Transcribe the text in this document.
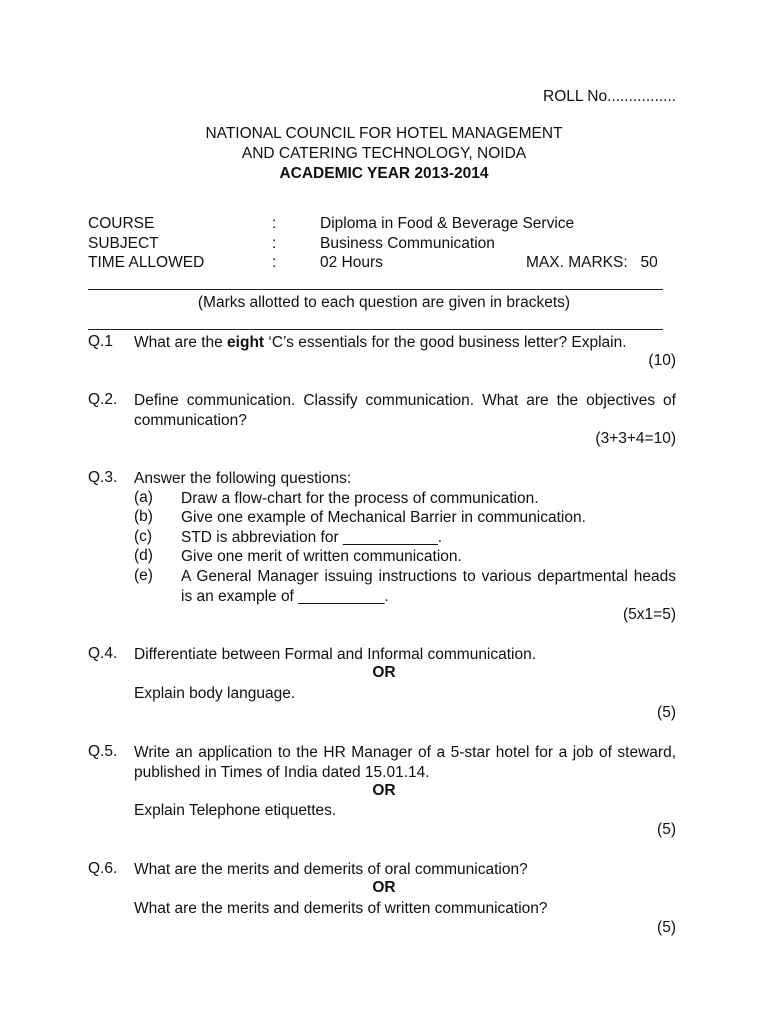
ROLL No................
NATIONAL COUNCIL FOR HOTEL MANAGEMENT
AND CATERING TECHNOLOGY, NOIDA
ACADEMIC YEAR 2013-2014
COURSE	:	Diploma in Food & Beverage Service
SUBJECT	:	Business Communication
TIME ALLOWED	:	02 Hours	MAX. MARKS:   50
(Marks allotted to each question are given in brackets)
Q.1 What are the eight ‘C’s essentials for the good business letter? Explain.
(10)
Q.2. Define communication. Classify communication. What are the objectives of communication?
(3+3+4=10)
Q.3. Answer the following questions:
(a) Draw a flow-chart for the process of communication.
(b) Give one example of Mechanical Barrier in communication.
(c) STD is abbreviation for ___________.
(d) Give one merit of written communication.
(e) A General Manager issuing instructions to various departmental heads is an example of __________.
(5x1=5)
Q.4. Differentiate between Formal and Informal communication.
OR
Explain body language.
(5)
Q.5. Write an application to the HR Manager of a 5-star hotel for a job of steward, published in Times of India dated 15.01.14.
OR
Explain Telephone etiquettes.
(5)
Q.6. What are the merits and demerits of oral communication?
OR
What are the merits and demerits of written communication?
(5)
